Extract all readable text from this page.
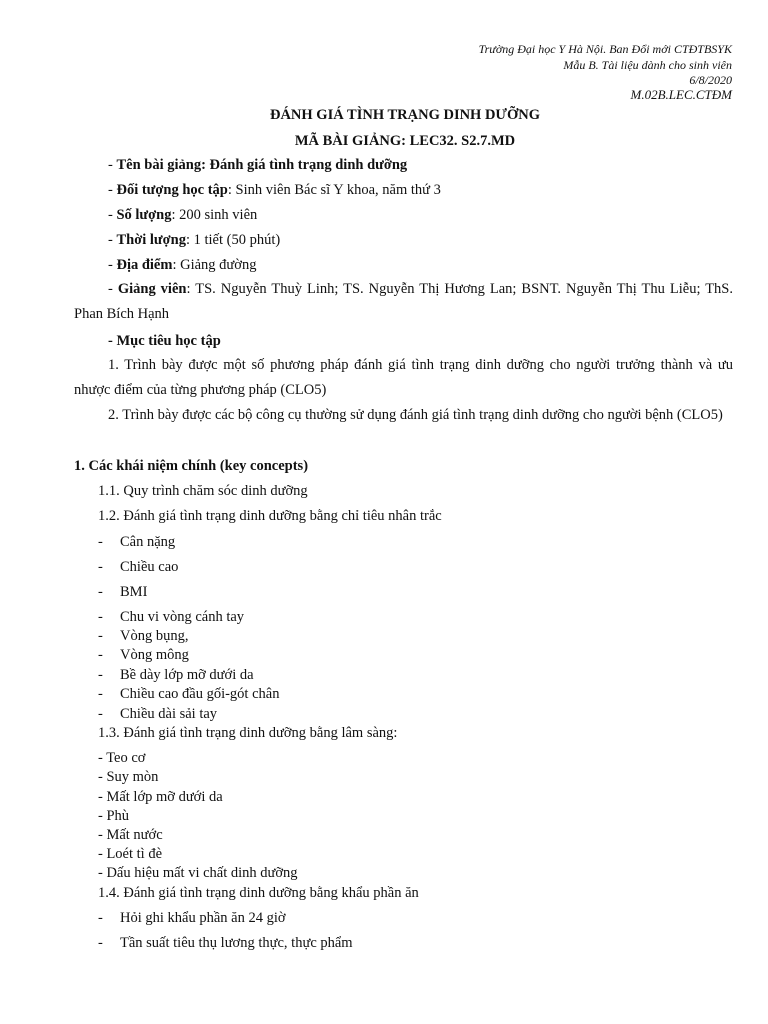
Trường Đại học Y Hà Nội. Ban Đổi mới CTĐTBSYK
Mẫu B. Tài liệu dành cho sinh viên
6/8/2020
M.02B.LEC.CTĐM
ĐÁNH GIÁ TÌNH TRẠNG DINH DƯỠNG
MÃ BÀI GIẢNG: LEC32. S2.7.MD
- Tên bài giảng: Đánh giá tình trạng dinh dưỡng
- Đối tượng học tập: Sinh viên Bác sĩ Y khoa, năm thứ 3
- Số lượng: 200 sinh viên
- Thời lượng: 1 tiết (50 phút)
- Địa điểm: Giảng đường
- Giảng viên: TS. Nguyễn Thuỳ Linh; TS. Nguyễn Thị Hương Lan; BSNT. Nguyễn Thị Thu Liễu; ThS. Phan Bích Hạnh
- Mục tiêu học tập
1. Trình bày được một số phương pháp đánh giá tình trạng dinh dưỡng cho người trưởng thành và ưu nhược điểm của từng phương pháp (CLO5)
2. Trình bày được các bộ công cụ thường sử dụng đánh giá tình trạng dinh dưỡng cho người bệnh (CLO5)
1. Các khái niệm chính (key concepts)
1.1. Quy trình chăm sóc dinh dưỡng
1.2. Đánh giá tình trạng dinh dưỡng bằng chỉ tiêu nhân trắc
- Cân nặng
- Chiều cao
- BMI
- Chu vi vòng cánh tay
- Vòng bụng,
- Vòng mông
- Bề dày lớp mỡ dưới da
- Chiều cao đầu gối-gót chân
- Chiều dài sải tay
1.3. Đánh giá tình trạng dinh dưỡng bằng lâm sàng:
- Teo cơ
- Suy mòn
- Mất lớp mỡ dưới da
- Phù
- Mất nước
- Loét tì đè
- Dấu hiệu mất vi chất dinh dưỡng
1.4. Đánh giá tình trạng dinh dưỡng bằng khẩu phần ăn
- Hỏi ghi khẩu phần ăn 24 giờ
- Tần suất tiêu thụ lương thực, thực phẩm
